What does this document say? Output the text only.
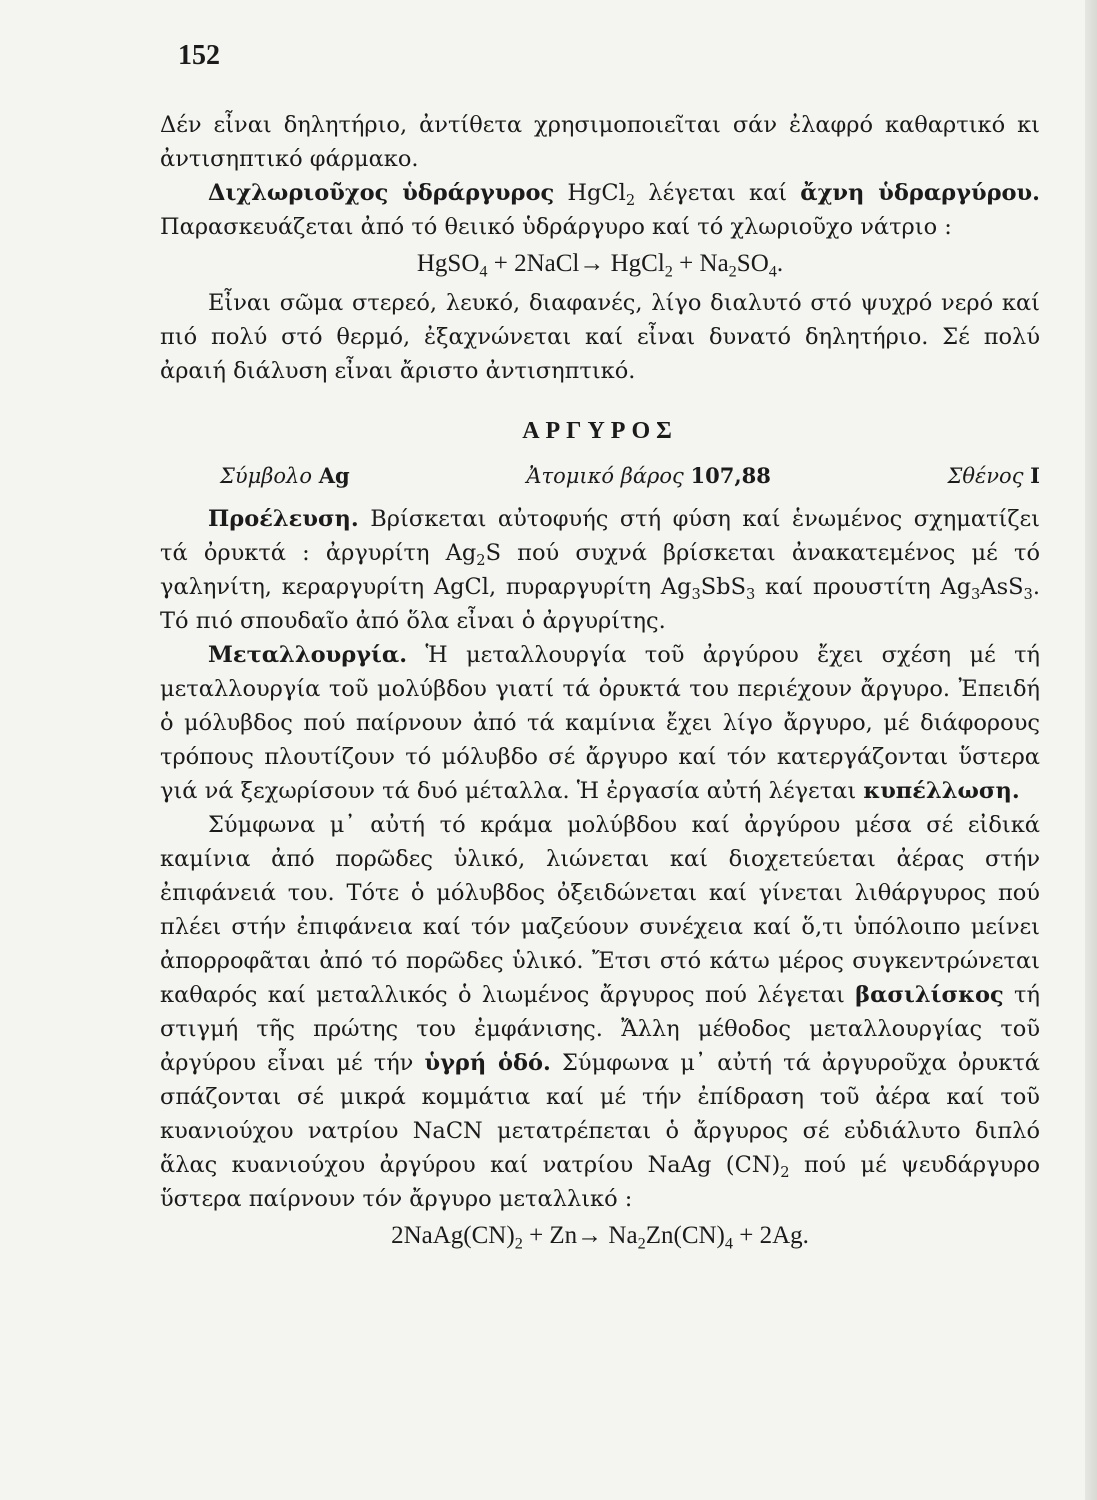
152

Δέν εἶναι δηλητήριο, ἀντίθετα χρησιμοποιεῖται σάν ἐλαφρό καθαρτικό κι ἀντισηπτικό φάρμακο.

Διχλωριοῦχος ὑδράργυρος HgCl$_2$ λέγεται καί ἄχνη ὑδραργύρου. Παρασκευάζεται ἀπό τό θειικό ὑδράργυρο καί τό χλωριοῦχο νάτριο :

HgSO$_4$ + 2NaCl→ HgCl$_2$ + $Na_2SO_4$.

Εἶναι σῶμα στερεό, λευκό, διαφανές, λίγο διαλυτό στό ψυχρό νερό καί πιό πολύ στό θερμό, ἐξαχνώνεται καί εἶναι δυνατό δηλητήριο. Σέ πολύ ἀραιή διάλυση εἶναι ἄριστο ἀντισηπτικό.

ΑΡΓΥΡΟΣ
Σύμβολο Ag	Ἀτομικό βάρος 107,88	Σθένος I

Προέλευση. Βρίσκεται αὐτοφυής στή φύση καί ἑνωμένος σχηματίζει τά ὀρυκτά : ἀργυρίτη $Ag_2S$ πού συχνά βρίσκεται ἀνακατεμένος μέ τό γαληνίτη, κεραργυρίτη AgCl, πυραργυρίτη $Ag_3SbS_3$ καί προυστίτη $Ag_3AsS_3$. Τό πιό σπουδαῖο ἀπό ὅλα εἶναι ὁ ἀργυρίτης.

Μεταλλουργία. Ἡ μεταλλουργία τοῦ ἀργύρου ἔχει σχέση μέ τή μεταλλουργία τοῦ μολύβδου γιατί τά ὀρυκτά του περιέχουν ἄργυρο. Ἐπειδή ὁ μόλυβδος πού παίρνουν ἀπό τά καμίνια ἔχει λίγο ἄργυρο, μέ διάφορους τρόπους πλουτίζουν τό μόλυβδο σέ ἄργυρο καί τόν κατεργάζονται ὕστερα γιά νά ξεχωρίσουν τά δυό μέταλλα. Ἡ ἐργασία αὐτή λέγεται κυπέλλωση.

Σύμφωνα μ᾽ αὐτή τό κράμα μολύβδου καί ἀργύρου μέσα σέ εἰδικά καμίνια ἀπό πορῶδες ὑλικό, λιώνεται καί διοχετεύεται ἀέρας στήν ἐπιφάνειά του. Τότε ὁ μόλυβδος ὀξειδώνεται καί γίνεται λιθάργυρος πού πλέει στήν ἐπιφάνεια καί τόν μαζεύουν συνέχεια καί ὅ,τι ὑπόλοιπο μείνει ἀπορροφᾶται ἀπό τό πορῶδες ὑλικό. Ἔτσι στό κάτω μέρος συγκεντρώνεται καθαρός καί μεταλλικός ὁ λιωμένος ἄργυρος πού λέγεται βασιλίσκος τή στιγμή τῆς πρώτης του ἐμφάνισης. Ἄλλη μέθοδος μεταλλουργίας τοῦ ἀργύρου εἶναι μέ τήν ὑγρή ὁδό. Σύμφωνα μ᾽ αὐτή τά ἀργυροῦχα ὀρυκτά σπάζονται σέ μικρά κομμάτια καί μέ τήν ἐπίδραση τοῦ ἀέρα καί τοῦ κυανιούχου νατρίου NaCN μετατρέπεται ὁ ἄργυρος σέ εὐδιάλυτο διπλό ἅλας κυανιούχου ἀργύρου καί νατρίου NaAg $(CN)_2$ πού μέ ψευδάργυρο ὕστερα παίρνουν τόν ἄργυρο μεταλλικό :

$2NaAg(CN)_2 + Zn\to Na_2Zn(CN)_4 + 2Ag$.
